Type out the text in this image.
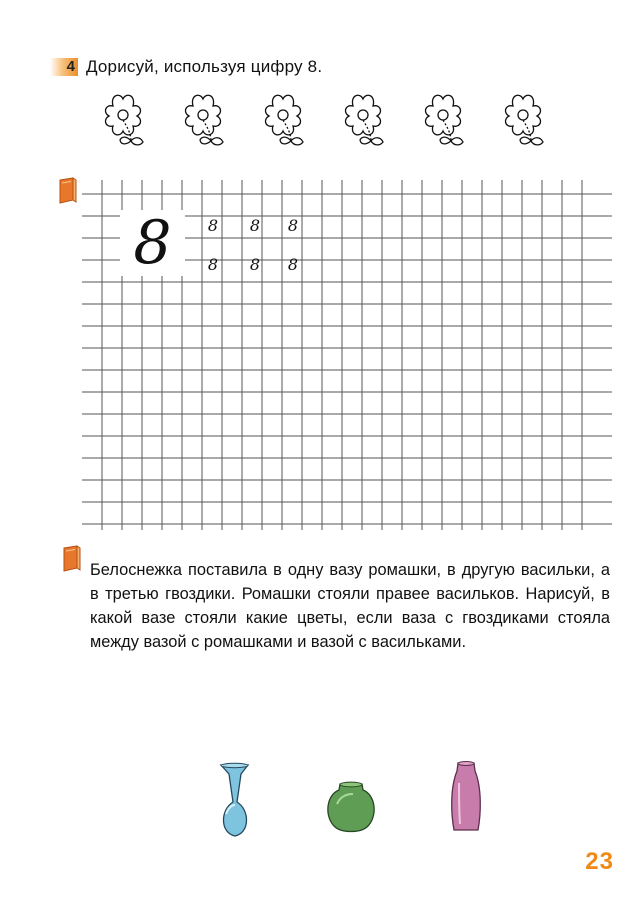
4 Дорисуй, используя цифру 8.
8	8 8 8
8 8 8

Белоснежка поставила в одну вазу ромашки, в другую васильки, а в третью гвоздики. Ромашки стояли правее васильков. Нарисуй, в какой вазе стояли какие цветы, если ваза с гвоздиками стояла между вазой с ромашками и вазой с васильками.

23
